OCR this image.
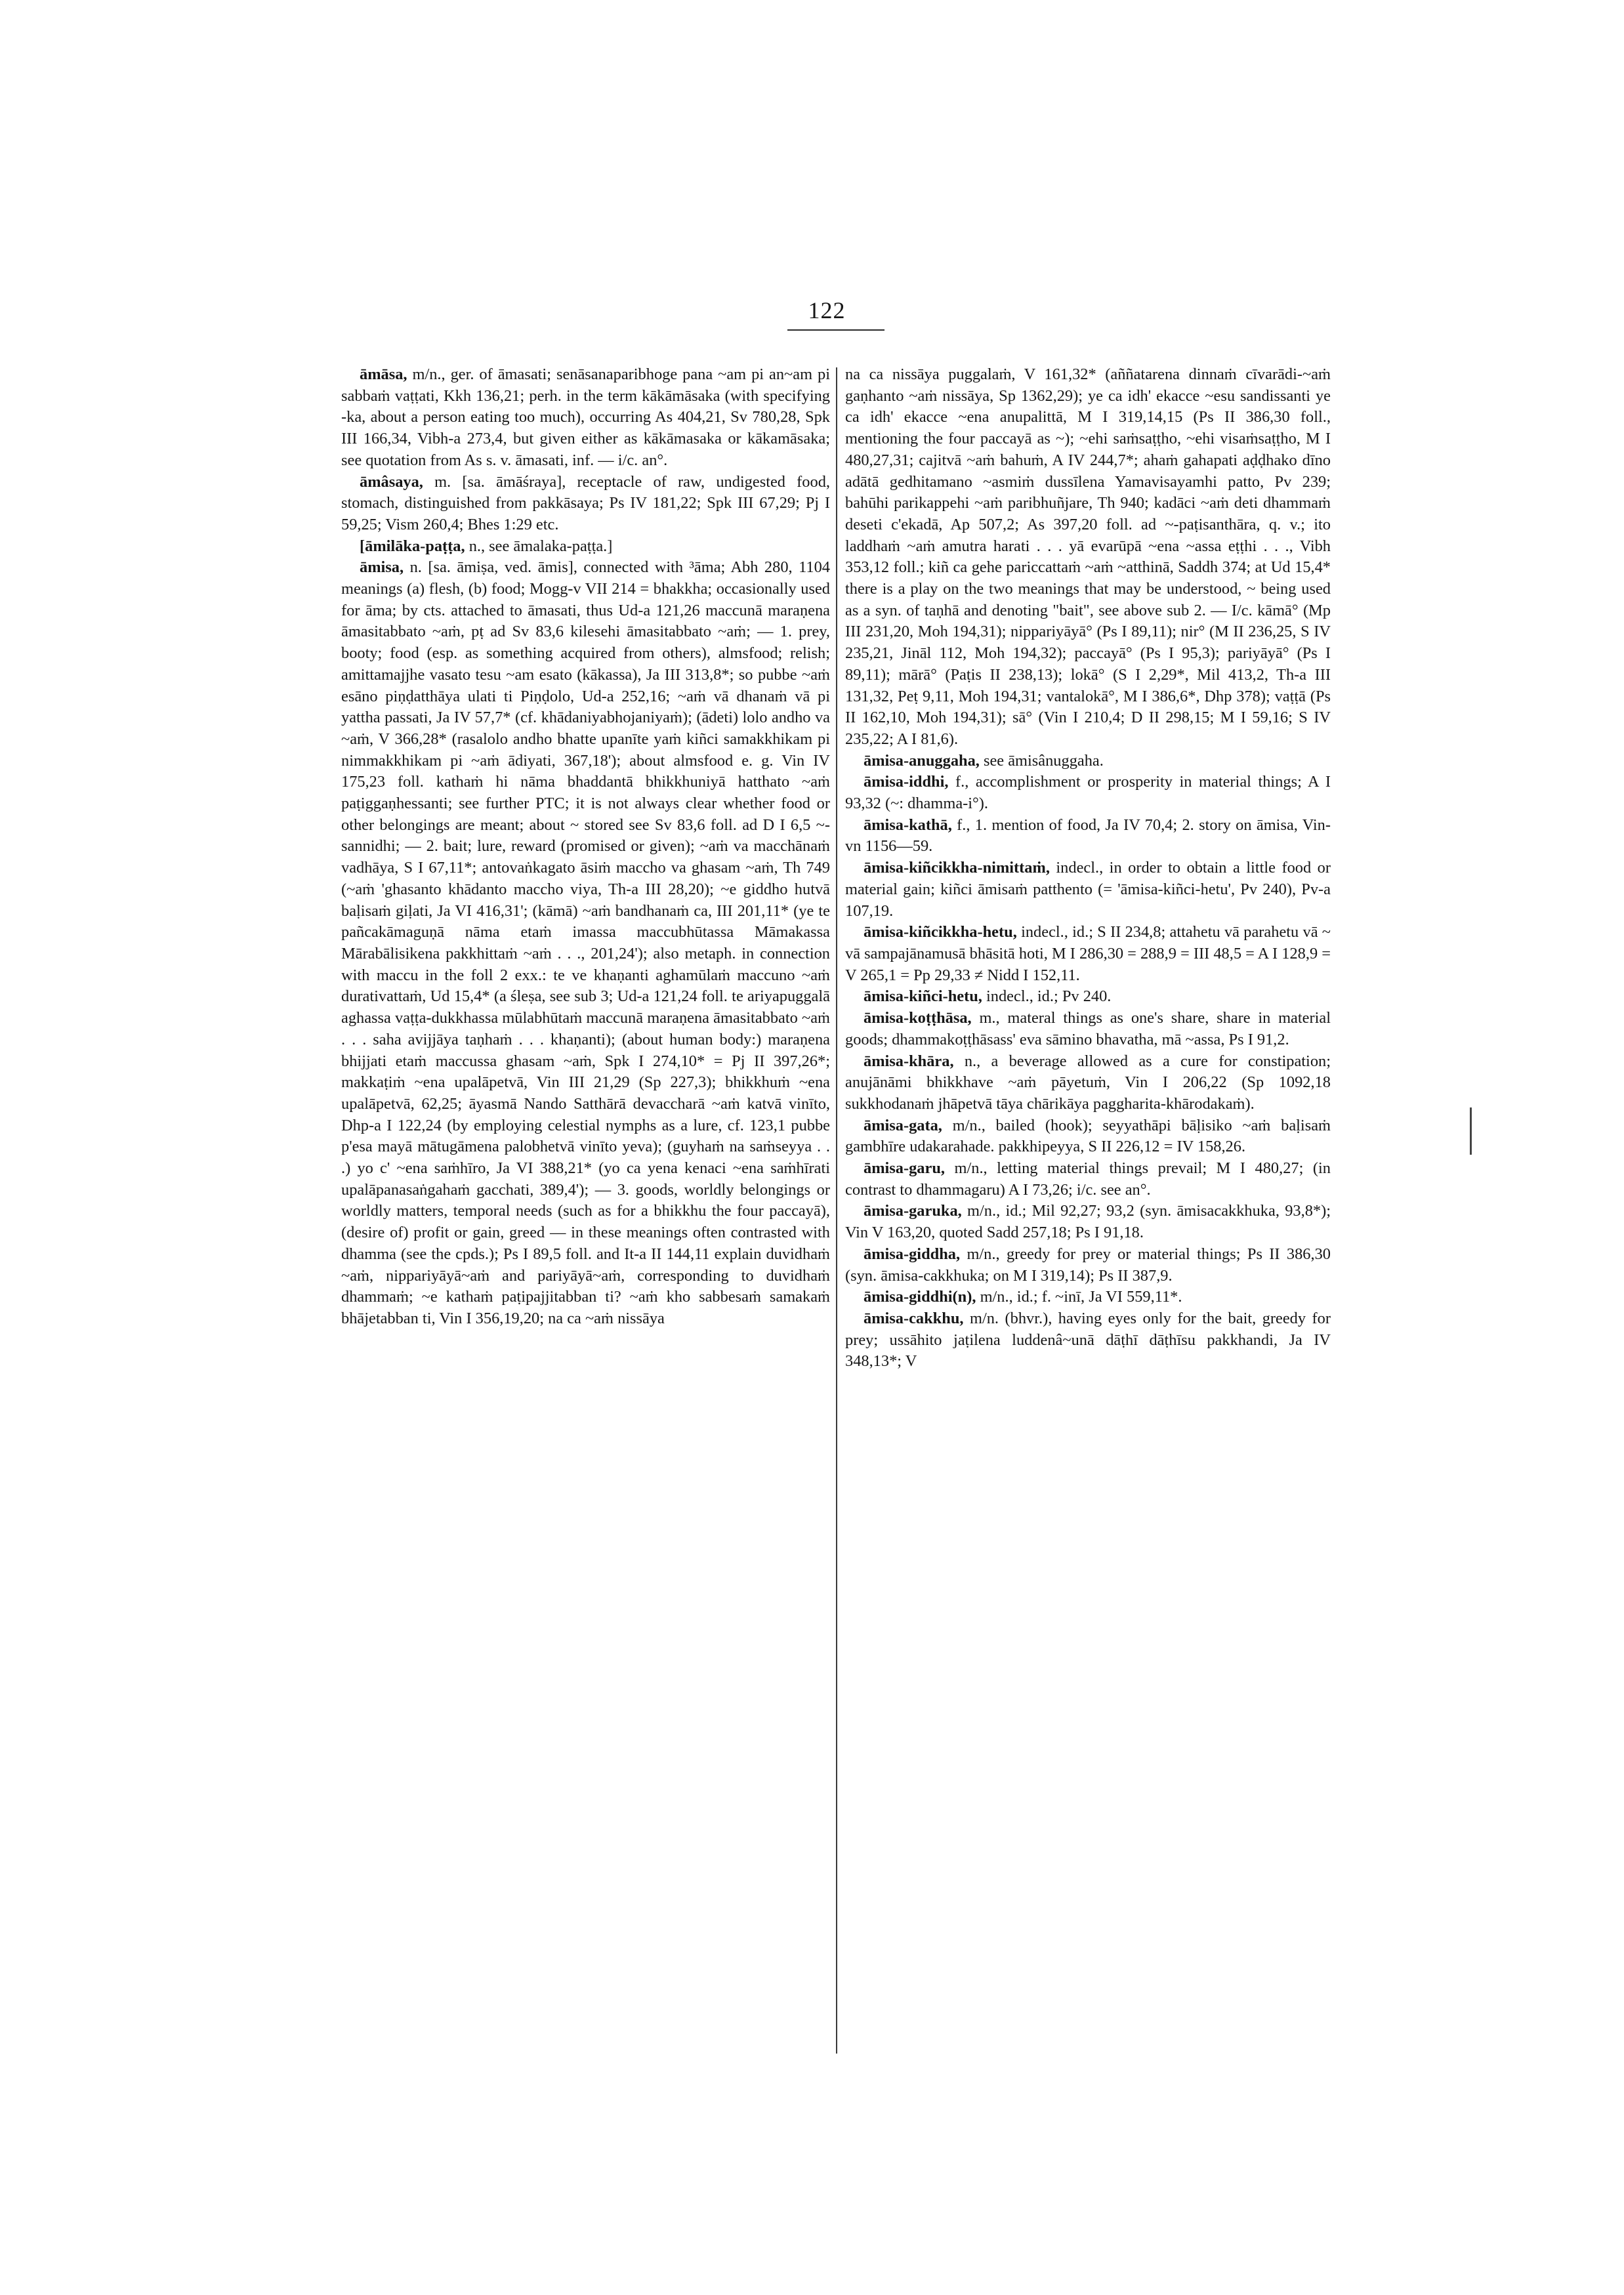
122

āmāsa, m/n., ger. of āmasati; senāsanaparibhoge pana ~am pi an~am pi sabbaṁ vaṭṭati, Kkh 136,21; perh. in the term kākāmāsaka (with specifying -ka, about a person eating too much), occurring As 404,21, Sv 780,28, Spk III 166,34, Vibh-a 273,4, but given either as kākāmasaka or kākamāsaka; see quotation from As s. v. āmasati, inf. — i/c. an°.

āmâsaya, m. [sa. āmāśraya], receptacle of raw, undigested food, stomach, distinguished from pakkāsaya; Ps IV 181,22; Spk III 67,29; Pj I 59,25; Vism 260,4; Bhes 1:29 etc.

[āmilāka-paṭṭa, n., see āmalaka-paṭṭa.]

āmisa, n. [sa. āmiṣa, ved. āmis], connected with ³āma; Abh 280, 1104 meanings (a) flesh, (b) food; Mogg-v VII 214 = bhakkha; occasionally used for āma; by cts. attached to āmasati, thus Ud-a 121,26 maccunā maraṇena āmasitabbato ~aṁ, pṭ ad Sv 83,6 kilesehi āmasitabbato ~aṁ; — 1. prey, booty; food (esp. as something acquired from others), almsfood; relish; amittamajjhe vasato tesu ~am esato (kākassa), Ja III 313,8*; so pubbe ~aṁ esāno piṇḍatthāya ulati ti Piṇḍolo, Ud-a 252,16; ~aṁ vā dhanaṁ vā pi yattha passati, Ja IV 57,7* (cf. khādaniyabhojaniyaṁ); (ādeti) lolo andho va ~aṁ, V 366,28* (rasalolo andho bhatte upanīte yaṁ kiñci samakkhikam pi nimmakkhikam pi ~aṁ ādiyati, 367,18'); about almsfood e. g. Vin IV 175,23 foll. kathaṁ hi nāma bhaddantā bhikkhuniyā hatthato ~aṁ paṭiggaṇhessanti; see further PTC; it is not always clear whether food or other belongings are meant; about ~ stored see Sv 83,6 foll. ad D I 6,5 ~-sannidhi; — 2. bait; lure, reward (promised or given); ~aṁ va macchānaṁ vadhāya, S I 67,11*; antovaṅkagato āsiṁ maccho va ghasam ~aṁ, Th 749 (~aṁ 'ghasanto khādanto maccho viya, Th-a III 28,20); ~e giddho hutvā baḷisaṁ giḷati, Ja VI 416,31'; (kāmā) ~aṁ bandhanaṁ ca, III 201,11* (ye te pañcakāmaguṇā nāma etaṁ imassa maccubhūtassa Māmakassa Mārabālisikena pakkhittaṁ ~aṁ . . ., 201,24'); also metaph. in connection with maccu in the foll 2 exx.: te ve khaṇanti aghamūlaṁ maccuno ~aṁ durativattaṁ, Ud 15,4* (a śleṣa, see sub 3; Ud-a 121,24 foll. te ariyapuggalā aghassa vaṭṭa-dukkhassa mūlabhūtaṁ maccunā maraṇena āmasitabbato ~aṁ . . . saha avijjāya taṇhaṁ . . . khaṇanti); (about human body:) maraṇena bhijjati etaṁ maccussa ghasam ~aṁ, Spk I 274,10* = Pj II 397,26*; makkaṭiṁ ~ena upalāpetvā, Vin III 21,29 (Sp 227,3); bhikkhuṁ ~ena upalāpetvā, 62,25; āyasmā Nando Satthārā devaccharā ~aṁ katvā vinīto, Dhp-a I 122,24 (by employing celestial nymphs as a lure, cf. 123,1 pubbe p'esa mayā mātugāmena palobhetvā vinīto yeva); (guyhaṁ na saṁseyya . . .) yo c' ~ena saṁhīro, Ja VI 388,21* (yo ca yena kenaci ~ena saṁhīrati upalāpanasaṅgahaṁ gacchati, 389,4'); — 3. goods, worldly belongings or worldly matters, temporal needs (such as for a bhikkhu the four paccayā), (desire of) profit or gain, greed — in these meanings often contrasted with dhamma (see the cpds.); Ps I 89,5 foll. and It-a II 144,11 explain duvidhaṁ ~aṁ, nippariyāyā~aṁ and pariyāyā~aṁ, corresponding to duvidhaṁ dhammaṁ; ~e kathaṁ paṭipajjitabban ti? ~aṁ kho sabbesaṁ samakaṁ bhājetabban ti, Vin I 356,19,20; na ca ~aṁ nissāya

na ca nissāya puggalaṁ, V 161,32* (aññatarena dinnaṁ cīvarādi-~aṁ gaṇhanto ~aṁ nissāya, Sp 1362,29); ye ca idh' ekacce ~esu sandissanti ye ca idh' ekacce ~ena anupalittā, M I 319,14,15 (Ps II 386,30 foll., mentioning the four paccayā as ~); ~ehi saṁsaṭṭho, ~ehi visaṁsaṭṭho, M I 480,27,31; cajitvā ~aṁ bahuṁ, A IV 244,7*; ahaṁ gahapati aḍḍhako dīno adātā gedhitamano ~asmiṁ dussīlena Yamavisayamhi patto, Pv 239; bahūhi parikappehi ~aṁ paribhuñjare, Th 940; kadāci ~aṁ deti dhammaṁ deseti c'ekadā, Ap 507,2; As 397,20 foll. ad ~-paṭisanthāra, q. v.; ito laddhaṁ ~aṁ amutra harati . . . yā evarūpā ~ena ~assa eṭṭhi . . ., Vibh 353,12 foll.; kiñ ca gehe pariccattaṁ ~aṁ ~atthinā, Saddh 374; at Ud 15,4* there is a play on the two meanings that may be understood, ~ being used as a syn. of taṇhā and denoting "bait", see above sub 2. — I/c. kāmā° (Mp III 231,20, Moh 194,31); nippariyāyā° (Ps I 89,11); nir° (M II 236,25, S IV 235,21, Jināl 112, Moh 194,32); paccayā° (Ps I 95,3); pariyāyā° (Ps I 89,11); mārā° (Paṭis II 238,13); lokā° (S I 2,29*, Mil 413,2, Th-a III 131,32, Peṭ 9,11, Moh 194,31; vantalokā°, M I 386,6*, Dhp 378); vaṭṭā (Ps II 162,10, Moh 194,31); sā° (Vin I 210,4; D II 298,15; M I 59,16; S IV 235,22; A I 81,6).

āmisa-anuggaha, see āmisânuggaha.

āmisa-iddhi, f., accomplishment or prosperity in material things; A I 93,32 (~: dhamma-i°).

āmisa-kathā, f., 1. mention of food, Ja IV 70,4; 2. story on āmisa, Vin-vn 1156—59.

āmisa-kiñcikkha-nimittaṁ, indecl., in order to obtain a little food or material gain; kiñci āmisaṁ patthento (= 'āmisa-kiñci-hetu', Pv 240), Pv-a 107,19.

āmisa-kiñcikkha-hetu, indecl., id.; S II 234,8; attahetu vā parahetu vā ~ vā sampajānamusā bhāsitā hoti, M I 286,30 = 288,9 = III 48,5 = A I 128,9 = V 265,1 = Pp 29,33 ≠ Nidd I 152,11.

āmisa-kiñci-hetu, indecl., id.; Pv 240.

āmisa-koṭṭhāsa, m., materal things as one's share, share in material goods; dhammakoṭṭhāsass' eva sāmino bhavatha, mā ~assa, Ps I 91,2.

āmisa-khāra, n., a beverage allowed as a cure for constipation; anujānāmi bhikkhave ~aṁ pāyetuṁ, Vin I 206,22 (Sp 1092,18 sukkhodanaṁ jhāpetvā tāya chārikāya paggharita-khārodakaṁ).

āmisa-gata, m/n., bailed (hook); seyyathāpi bāḷisiko ~aṁ baḷisaṁ gambhīre udakarahade. pakkhipeyya, S II 226,12 = IV 158,26.

āmisa-garu, m/n., letting material things prevail; M I 480,27; (in contrast to dhammagaru) A I 73,26; i/c. see an°.

āmisa-garuka, m/n., id.; Mil 92,27; 93,2 (syn. āmisacakkhuka, 93,8*); Vin V 163,20, quoted Sadd 257,18; Ps I 91,18.

āmisa-giddha, m/n., greedy for prey or material things; Ps II 386,30 (syn. āmisa-cakkhuka; on M I 319,14); Ps II 387,9.

āmisa-giddhi(n), m/n., id.; f. ~inī, Ja VI 559,11*.

āmisa-cakkhu, m/n. (bhvr.), having eyes only for the bait, greedy for prey; ussāhito jaṭilena luddenâ~unā dāṭhī dāṭhīsu pakkhandi, Ja IV 348,13*; V
